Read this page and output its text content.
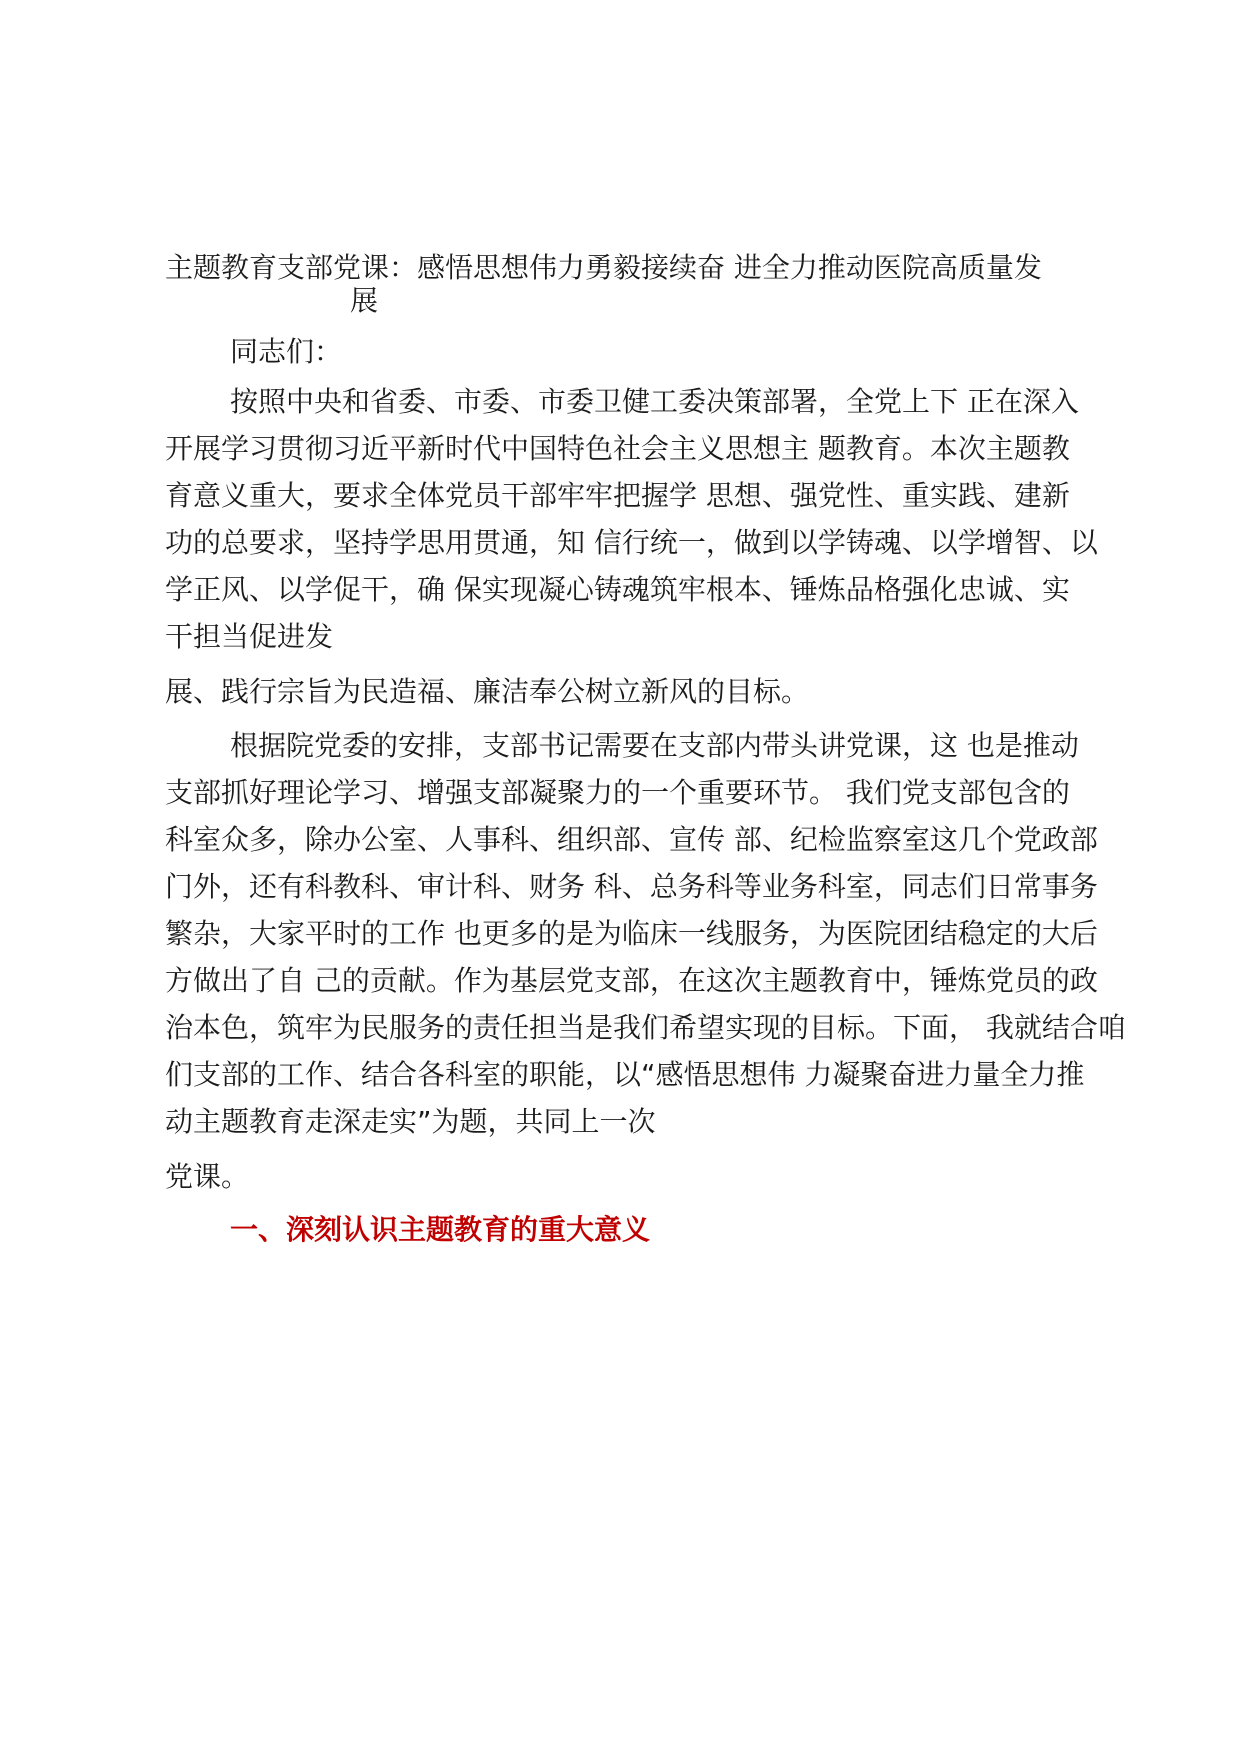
主题教育支部党课：感悟思想伟力勇毅接续奋 进全力推动医院高质量发

展

同志们：

按照中央和省委、市委、市委卫健工委决策部署，全党上下 正在深入

开展学习贯彻习近平新时代中国特色社会主义思想主 题教育。本次主题教

育意义重大，要求全体党员干部牢牢把握学 思想、强党性、重实践、建新

功的总要求，坚持学思用贯通，知 信行统一，做到以学铸魂、以学增智、以

学正风、以学促干，确 保实现凝心铸魂筑牢根本、锤炼品格强化忠诚、实

干担当促进发

展、践行宗旨为民造福、廉洁奉公树立新风的目标。

根据院党委的安排，支部书记需要在支部内带头讲党课，这 也是推动

支部抓好理论学习、增强支部凝聚力的一个重要环节。 我们党支部包含的

科室众多，除办公室、人事科、组织部、宣传 部、纪检监察室这几个党政部

门外，还有科教科、审计科、财务 科、总务科等业务科室，同志们日常事务

繁杂，大家平时的工作 也更多的是为临床一线服务，为医院团结稳定的大后

方做出了自 己的贡献。作为基层党支部，在这次主题教育中，锤炼党员的政

治本色，筑牢为民服务的责任担当是我们希望实现的目标。下面， 我就结合咱

们支部的工作、结合各科室的职能，以“感悟思想伟 力凝聚奋进力量全力推

动主题教育走深走实”为题，共同上一次

党课。

一、深刻认识主题教育的重大意义
